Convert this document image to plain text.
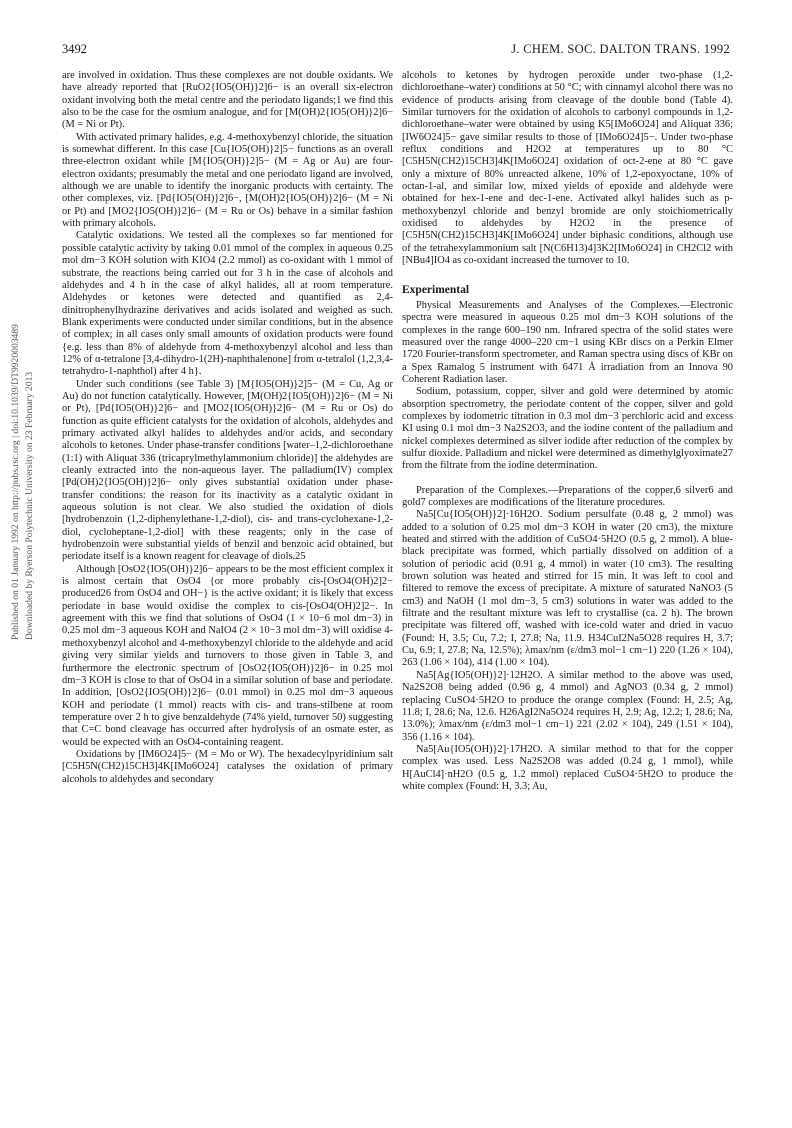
3492	J. CHEM. SOC. DALTON TRANS. 1992
Published on 01 January 1992 on http://pubs.rsc.org | doi:10.1039/DT9920003489 Downloaded by Ryerson Polytechnic University on 23 February 2013

are involved in oxidation. Thus these complexes are not double oxidants. We have already reported that [RuO2{IO5(OH)}2]6− is an overall six-electron oxidant involving both the metal centre and the periodato ligands;1 we find this also to be the case for the osmium analogue, and for [M(OH)2{IO5(OH)}2]6− (M = Ni or Pt).

With activated primary halides, e.g. 4-methoxybenzyl chloride, the situation is somewhat different. In this case [Cu{IO5(OH)}2]5− functions as an overall three-electron oxidant while [M{IO5(OH)}2]5− (M = Ag or Au) are four-electron oxidants; presumably the metal and one periodato ligand are involved, although we are unable to identify the inorganic products with certainty. The other complexes, viz. [Pd{IO5(OH)}2]6−, [M(OH)2{IO5(OH)}2]6− (M = Ni or Pt) and [MO2{IO5(OH)}2]6− (M = Ru or Os) behave in a similar fashion with primary alcohols.

Catalytic oxidations. We tested all the complexes so far mentioned for possible catalytic activity by taking 0.01 mmol of the complex in aqueous 0.25 mol dm−3 KOH solution with KIO4 (2.2 mmol) as co-oxidant with 1 mmol of substrate, the reactions being carried out for 3 h in the case of alcohols and aldehydes and 4 h in the case of alkyl halides, all at room temperature. Aldehydes or ketones were detected and quantified as 2,4-dinitrophenylhydrazine derivatives and acids isolated and weighed as such. Blank experiments were conducted under similar conditions, but in the absence of complex; in all cases only small amounts of oxidation products were found {e.g. less than 8% of aldehyde from 4-methoxybenzyl alcohol and less than 12% of α-tetralone [3,4-dihydro-1(2H)-naphthalenone] from α-tetralol (1,2,3,4-tetrahydro-1-naphthol) after 4 h}.

Under such conditions (see Table 3) [M{IO5(OH)}2]5− (M = Cu, Ag or Au) do not function catalytically. However, [M(OH)2{IO5(OH)}2]6− (M = Ni or Pt), [Pd{IO5(OH)}2]6− and [MO2{IO5(OH)}2]6− (M = Ru or Os) do function as quite efficient catalysts for the oxidation of alcohols, aldehydes and primary activated alkyl halides to aldehydes and/or acids, and secondary alcohols to ketones. Under phase-transfer conditions [water–1,2-dichloroethane (1:1) with Aliquat 336 (tricaprylmethylammonium chloride)] the aldehydes are cleanly extracted into the non-aqueous layer. The palladium(IV) complex [Pd(OH)2{IO5(OH)}2]6− only gives substantial oxidation under phase-transfer conditions: the reason for its inactivity as a catalytic oxidant in aqueous solution is not clear. We also studied the oxidation of diols [hydrobenzoin (1,2-diphenylethane-1,2-diol), cis- and trans-cyclohexane-1,2-diol, cycloheptane-1,2-diol] with these reagents; only in the case of hydrobenzoin were substantial yields of benzil and benzoic acid obtained, but periodate itself is a known reagent for cleavage of diols.25

Although [OsO2{IO5(OH)}2]6− appears to be the most efficient complex it is almost certain that OsO4 {or more probably cis-[OsO4(OH)2]2− produced26 from OsO4 and OH−} is the active oxidant; it is likely that excess periodate in base would oxidise the complex to cis-[OsO4(OH)2]2−. In agreement with this we find that solutions of OsO4 (1 × 10−6 mol dm−3) in 0.25 mol dm−3 aqueous KOH and NaIO4 (2 × 10−3 mol dm−3) will oxidise 4-methoxybenzyl alcohol and 4-methoxybenzyl chloride to the aldehyde and acid giving very similar yields and turnovers to those given in Table 3, and furthermore the electronic spectrum of [OsO2{IO5(OH)}2]6− in 0.25 mol dm−3 KOH is close to that of OsO4 in a similar solution of base and periodate. In addition, [OsO2{IO5(OH)}2]6− (0.01 mmol) in 0.25 mol dm−3 aqueous KOH and periodate (1 mmol) reacts with cis- and trans-stilbene at room temperature over 2 h to give benzaldehyde (74% yield, turnover 50) suggesting that C=C bond cleavage has occurred after hydrolysis of an osmate ester, as would be expected with an OsO4-containing reagent.

Oxidations by [IM6O24]5− (M = Mo or W). The hexadecylpyridinium salt [C5H5N(CH2)15CH3]4K[IMo6O24] catalyses the oxidation of primary alcohols to aldehydes and secondary

alcohols to ketones by hydrogen peroxide under two-phase (1,2-dichloroethane–water) conditions at 50 °C; with cinnamyl alcohol there was no evidence of products arising from cleavage of the double bond (Table 4). Similar turnovers for the oxidation of alcohols to carbonyl compounds in 1,2-dichloroethane–water were obtained by using K5[IMo6O24] and Aliquat 336; [IW6O24]5− gave similar results to those of [IMo6O24]5−. Under two-phase reflux conditions and H2O2 at temperatures up to 80 °C [C5H5N(CH2)15CH3]4K[IMo6O24] oxidation of oct-2-ene at 80 °C gave only a mixture of 80% unreacted alkene, 10% of 1,2-epoxyoctane, 10% of octan-1-al, and similar low, mixed yields of epoxide and aldehyde were obtained for hex-1-ene and dec-1-ene. Activated alkyl halides such as p-methoxybenzyl chloride and benzyl bromide are only stoichiometrically oxidised to aldehydes by H2O2 in the presence of [C5H5N(CH2)15CH3]4K[IMo6O24] under biphasic conditions, although use of the tetrahexylammonium salt [N(C6H13)4]3K2[IMo6O24] in CH2Cl2 with [NBu4]IO4 as co-oxidant increased the turnover to 10.

Experimental

Physical Measurements and Analyses of the Complexes.—Electronic spectra were measured in aqueous 0.25 mol dm−3 KOH solutions of the complexes in the range 600–190 nm. Infrared spectra of the solid states were measured over the range 4000–220 cm−1 using KBr discs on a Perkin Elmer 1720 Fourier-transform spectrometer, and Raman spectra using discs of KBr on a Spex Ramalog 5 instrument with 6471 Å irradiation from an Innova 90 Coherent Radiation laser.

Sodium, potassium, copper, silver and gold were determined by atomic absorption spectrometry, the periodate content of the copper, silver and gold complexes by iodometric titration in 0.3 mol dm−3 perchloric acid and excess KI using 0.1 mol dm−3 Na2S2O3, and the iodine content of the palladium and nickel complexes determined as silver iodide after reduction of the complex by sulfur dioxide. Palladium and nickel were determined as dimethylglyoximate27 from the filtrate from the iodine determination.

Preparation of the Complexes.—Preparations of the copper,6 silver6 and gold7 complexes are modifications of the literature procedures.

Na5[Cu{IO5(OH)}2]·16H2O. Sodium persulfate (0.48 g, 2 mmol) was added to a solution of 0.25 mol dm−3 KOH in water (20 cm3), the mixture heated and stirred with the addition of CuSO4·5H2O (0.5 g, 2 mmol). A blue-black precipitate was formed, which partially dissolved on addition of a solution of periodic acid (0.91 g, 4 mmol) in water (10 cm3). The resulting brown solution was heated and stirred for 15 min. It was left to cool and filtered to remove the excess of precipitate. A mixture of saturated NaNO3 (5 cm3) and NaOH (1 mol dm−3, 5 cm3) solutions in water was added to the filtrate and the resultant mixture was left to crystallise (ca. 2 h). The brown precipitate was filtered off, washed with ice-cold water and dried in vacuo (Found: H, 3.5; Cu, 7.2; I, 27.8; Na, 11.9. H34CuI2Na5O28 requires H, 3.7; Cu, 6.9; I, 27.8; Na, 12.5%); λmax/nm (ε/dm3 mol−1 cm−1) 220 (1.26 × 104), 263 (1.06 × 104), 414 (1.00 × 104).

Na5[Ag{IO5(OH)}2]·12H2O. A similar method to the above was used, Na2S2O8 being added (0.96 g, 4 mmol) and AgNO3 (0.34 g, 2 mmol) replacing CuSO4·5H2O to produce the orange complex (Found: H, 2.5; Ag, 11.8; I, 28.6; Na, 12.6. H26AgI2Na5O24 requires H, 2.9; Ag, 12.2; I, 28.6; Na, 13.0%); λmax/nm (ε/dm3 mol−1 cm−1) 221 (2.02 × 104), 249 (1.51 × 104), 356 (1.16 × 104).

Na5[Au{IO5(OH)}2]·17H2O. A similar method to that for the copper complex was used. Less Na2S2O8 was added (0.24 g, 1 mmol), while H[AuCl4]·nH2O (0.5 g, 1.2 mmol) replaced CuSO4·5H2O to produce the white complex (Found: H, 3.3; Au,
